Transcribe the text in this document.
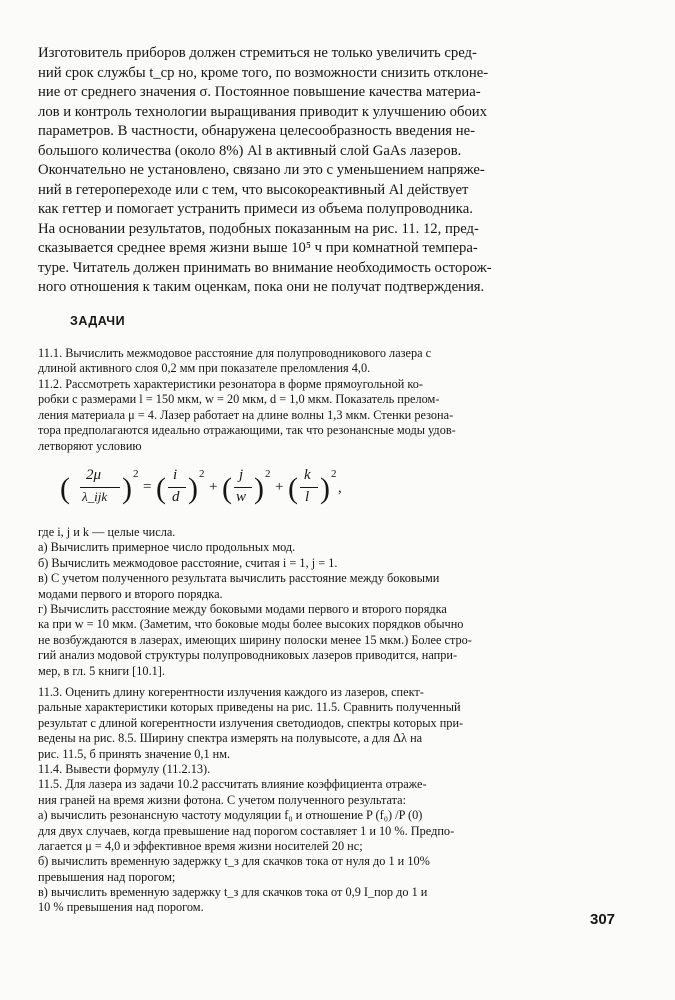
Изготовитель приборов должен стремиться не только увеличить сред-
ний срок службы t_ср но, кроме того, по возможности снизить отклоне-
ние от среднего значения σ. Постоянное повышение качества материа-
лов и контроль технологии выращивания приводит к улучшению обоих
параметров. В частности, обнаружена целесообразность введения не-
большого количества (около 8%) Al в активный слой GaAs лазеров.
Окончательно не установлено, связано ли это с уменьшением напряже-
ний в гетеропереходе или с тем, что высокореактивный Al действует
как геттер и помогает устранить примеси из объема полупроводника.
На основании результатов, подобных показанным на рис. 11. 12, пред-
сказывается среднее время жизни выше 10⁵ ч при комнатной темпера-
туре. Читатель должен принимать во внимание необходимость осторож-
ного отношения к таким оценкам, пока они не получат подтверждения.
ЗАДАЧИ
11.1. Вычислить межмодовое расстояние для полупроводникового лазера с
длиной активного слоя 0,2 мм при показателе преломления 4,0.
11.2. Рассмотреть характеристики резонатора в форме прямоугольной ко-
робки с размерами l = 150 мкм, w = 20 мкм, d = 1,0 мкм. Показатель прелом-
ления материала μ = 4. Лазер работает на длине волны 1,3 мкм. Стенки резона-
тора предполагаются идеально отражающими, так что резонансные моды удов-
летворяют условию
( 2μ
λ_ijk ) 2
= ( i
d ) 2
+ ( j
w ) 2
+ ( k
l ) 2
,
где i, j и k — целые числа.
а) Вычислить примерное число продольных мод.
б) Вычислить межмодовое расстояние, считая i = 1, j = 1.
в) С учетом полученного результата вычислить расстояние между боковыми
модами первого и второго порядка.
г) Вычислить расстояние между боковыми модами первого и второго порядка
ка при w = 10 мкм. (Заметим, что боковые моды более высоких порядков обычно
не возбуждаются в лазерах, имеющих ширину полоски менее 15 мкм.) Более стро-
гий анализ модовой структуры полупроводниковых лазеров приводится, напри-
мер, в гл. 5 книги [10.1].
11.3. Оценить длину когерентности излучения каждого из лазеров, спект-
ральные характеристики которых приведены на рис. 11.5. Сравнить полученный
результат с длиной когерентности излучения светодиодов, спектры которых при-
ведены на рис. 8.5. Ширину спектра измерять на полувысоте, а для Δλ на
рис. 11.5, б принять значение 0,1 нм.
11.4. Вывести формулу (11.2.13).
11.5. Для лазера из задачи 10.2 рассчитать влияние коэффициента отраже-
ния граней на время жизни фотона. С учетом полученного результата:
а) вычислить резонансную частоту модуляции f₀ и отношение P (f₀) /P (0)
для двух случаев, когда превышение над порогом составляет 1 и 10 %. Предпо-
лагается μ = 4,0 и эффективное время жизни носителей 20 нс;
б) вычислить временную задержку t_з для скачков тока от нуля до 1 и 10%
превышения над порогом;
в) вычислить временную задержку t_з для скачков тока от 0,9 I_пор до 1 и
10 % превышения над порогом.
307
